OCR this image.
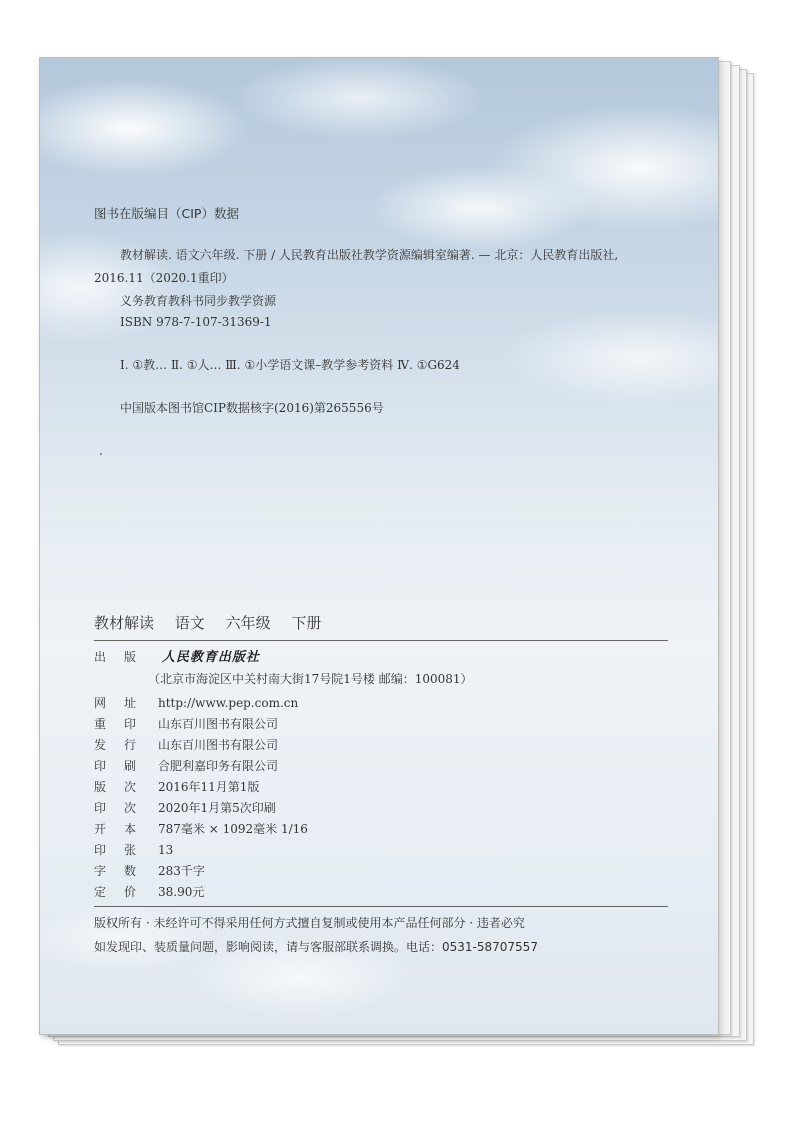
图书在版编目（CIP）数据
教材解读. 语文六年级. 下册 / 人民教育出版社教学资源编辑室编著. — 北京：人民教育出版社,
2016.11（2020.1重印）
义务教育教科书同步教学资源
ISBN 978-7-107-31369-1
Ⅰ. ①教… Ⅱ. ①人… Ⅲ. ①小学语文课–教学参考资料 Ⅳ. ①G624
中国版本图书馆CIP数据核字(2016)第265556号
教材解读 语文 六年级 下册
出 版 人民教育出版社
（北京市海淀区中关村南大街17号院1号楼 邮编：100081）
网 址 http://www.pep.com.cn
重 印 山东百川图书有限公司
发 行 山东百川图书有限公司
印 刷 合肥利嘉印务有限公司
版 次 2016年11月第1版
印 次 2020年1月第5次印刷
开 本 787毫米 × 1092毫米 1/16
印 张 13
字 数 283千字
定 价 38.90元
版权所有 · 未经许可不得采用任何方式擅自复制或使用本产品任何部分 · 违者必究
如发现印、装质量问题，影响阅读，请与客服部联系调换。电话：0531-58707557
